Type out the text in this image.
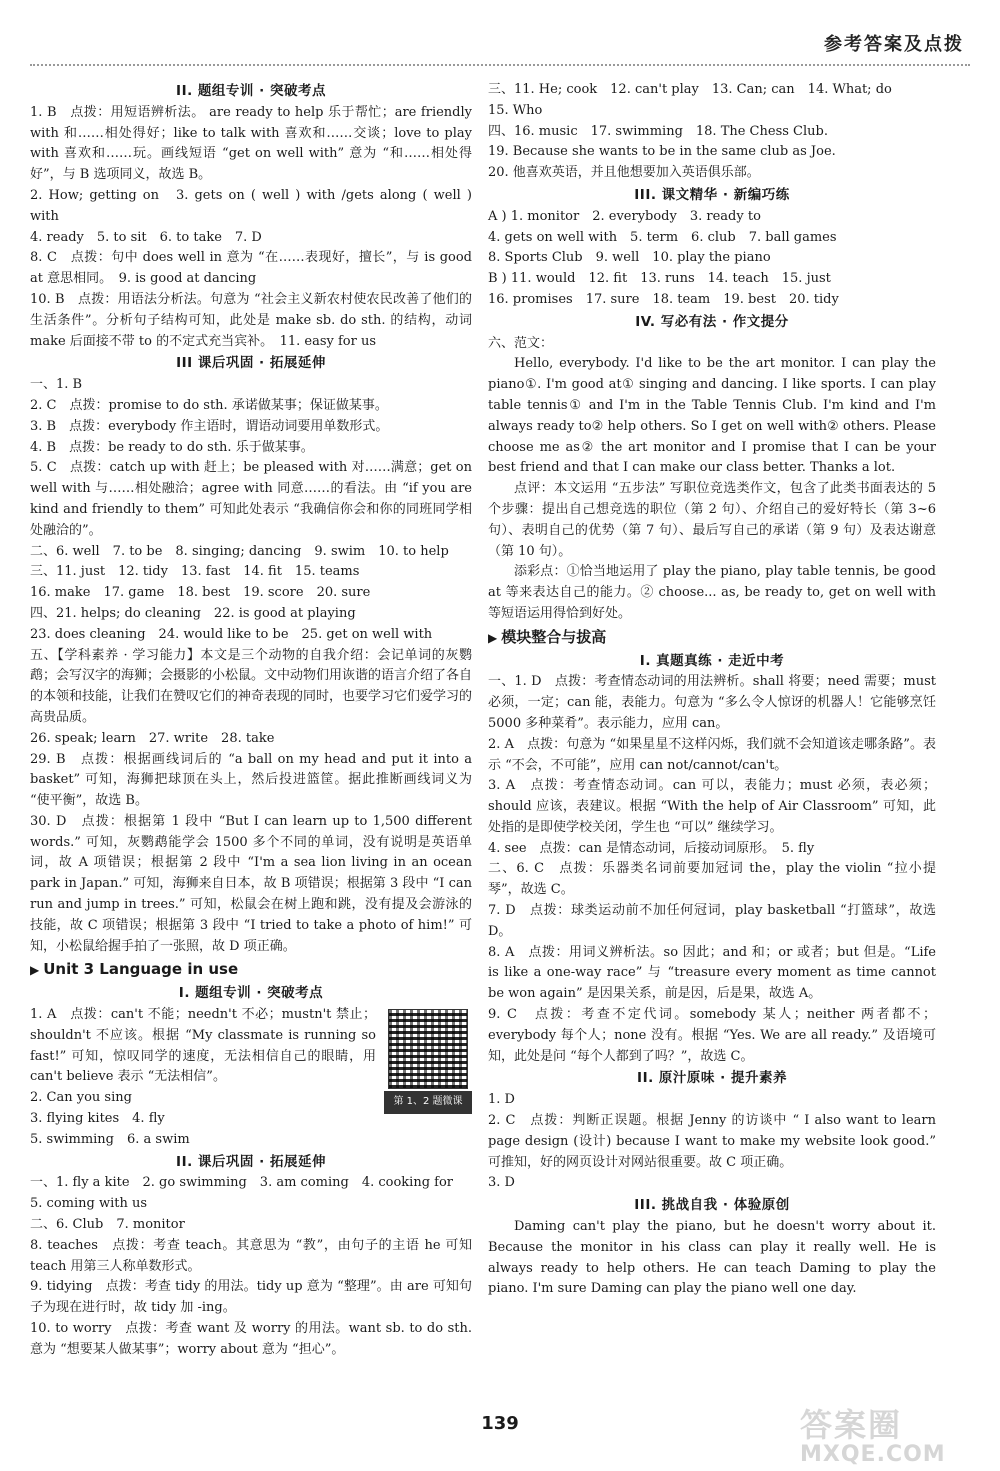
参考答案及点拨
II. 题组专训 · 突破考点
1. B　点拨：用短语辨析法。 are ready to help 乐于帮忙；are friendly with 和……相处得好；like to talk with 喜欢和……交谈；love to play with 喜欢和……玩。画线短语 “get on well with” 意为 “和……相处得好”，与 B 选项同义，故选 B。
2. How; getting on　3. gets on ( well ) with /gets along ( well ) with
4. ready　5. to sit　6. to take　7. D
8. C　点拨：句中 does well in 意为 “在……表现好，擅长”，与 is good at 意思相同。　9. is good at dancing
10. B　点拨：用语法分析法。句意为 “社会主义新农村使农民改善了他们的生活条件”。分析句子结构可知，此处是 make sb. do sth. 的结构，动词 make 后面接不带 to 的不定式充当宾补。　11. easy for us
III 课后巩固 · 拓展延伸
一、1. B
2. C　点拨：promise to do sth. 承诺做某事；保证做某事。
3. B　点拨：everybody 作主语时，谓语动词要用单数形式。
4. B　点拨：be ready to do sth. 乐于做某事。
5. C　点拨：catch up with 赶上；be pleased with 对……满意；get on well with 与……相处融洽；agree with 同意……的看法。由 “if you are kind and friendly to them” 可知此处表示 “我确信你会和你的同班同学相处融洽的”。
二、6. well　7. to be　8. singing; dancing　9. swim　10. to help
三、11. just　12. tidy　13. fast　14. fit　15. teams
16. make　17. game　18. best　19. score　20. sure
四、21. helps; do cleaning　22. is good at playing
23. does cleaning　24. would like to be　25. get on well with
五、【学科素养 · 学习能力】本文是三个动物的自我介绍：会记单词的灰鹦鹉；会写汉字的海狮；会摄影的小松鼠。文中动物们用诙谐的语言介绍了各自的本领和技能，让我们在赞叹它们的神奇表现的同时，也要学习它们爱学习的高贵品质。
26. speak; learn　27. write　28. take
29. B　点拨：根据画线词后的 “a ball on my head and put it into a basket” 可知，海狮把球顶在头上，然后投进篮筐。据此推断画线词义为 “使平衡”，故选 B。
30. D　点拨：根据第 1 段中 “But I can learn up to 1,500 different words.” 可知，灰鹦鹉能学会 1500 多个不同的单词，没有说明是英语单词，故 A 项错误；根据第 2 段中 “I'm a sea lion living in an ocean park in Japan.” 可知，海狮来自日本，故 B 项错误；根据第 3 段中 “I can run and jump in trees.” 可知，松鼠会在树上跑和跳，没有提及会游泳的技能，故 C 项错误；根据第 3 段中 “I tried to take a photo of him!” 可知，小松鼠给握手拍了一张照，故 D 项正确。
▶ Unit 3 Language in use
I. 题组专训 · 突破考点
第 1、2 题微课
1. A　点拨：can't 不能；needn't 不必；mustn't 禁止；shouldn't 不应该。根据 “My classmate is running so fast!” 可知，惊叹同学的速度，无法相信自己的眼睛，用 can't believe 表示 “无法相信”。
2. Can you sing
3. flying kites　4. fly
5. swimming　6. a swim
II. 课后巩固 · 拓展延伸
一、1. fly a kite　2. go swimming　3. am coming　4. cooking for
5. coming with us
二、6. Club　7. monitor
8. teaches　点拨：考查 teach。其意思为 “教”，由句子的主语 he 可知 teach 用第三人称单数形式。
9. tidying　点拨：考查 tidy 的用法。tidy up 意为 “整理”。由 are 可知句子为现在进行时，故 tidy 加 -ing。
10. to worry　点拨：考查 want 及 worry 的用法。want sb. to do sth. 意为 “想要某人做某事”；worry about 意为 “担心”。
三、11. He; cook　12. can't play　13. Can; can　14. What; do
15. Who
四、16. music　17. swimming　18. The Chess Club.
19. Because she wants to be in the same club as Joe.
20. 他喜欢英语，并且他想要加入英语俱乐部。
III. 课文精华 · 新编巧练
A ) 1. monitor　2. everybody　3. ready to
4. gets on well with　5. term　6. club　7. ball games
8. Sports Club　9. well　10. play the piano
B ) 11. would　12. fit　13. runs　14. teach　15. just
16. promises　17. sure　18. team　19. best　20. tidy
IV. 写必有法 · 作文提分
六、范文：
Hello, everybody. I'd like to be the art monitor. I can play the piano①. I'm good at① singing and dancing. I like sports. I can play table tennis① and I'm in the Table Tennis Club. I'm kind and I'm always ready to② help others. So I get on well with② others. Please choose me as② the art monitor and I promise that I can be your best friend and that I can make our class better. Thanks a lot.
点评：本文运用 “五步法” 写职位竞选类作文，包含了此类书面表达的 5 个步骤：提出自己想竞选的职位（第 2 句）、介绍自己的爱好特长（第 3~6 句）、表明自己的优势（第 7 句）、最后写自己的承诺（第 9 句）及表达谢意（第 10 句）。
添彩点：①恰当地运用了 play the piano, play table tennis, be good at 等来表达自己的能力。② choose... as, be ready to, get on well with 等短语运用得恰到好处。
▶ 模块整合与拔高
I. 真题真练 · 走近中考
一、1. D　点拨：考查情态动词的用法辨析。shall 将要；need 需要；must 必须，一定；can 能，表能力。句意为 “多么令人惊讶的机器人！它能够烹饪 5000 多种菜肴”。表示能力，应用 can。
2. A　点拨：句意为 “如果星星不这样闪烁，我们就不会知道该走哪条路”。表示 “不会，不可能”，应用 can not/cannot/can't。
3. A　点拨：考查情态动词。can 可以，表能力；must 必须，表必须；should 应该，表建议。根据 “With the help of Air Classroom” 可知，此处指的是即使学校关闭，学生也 “可以” 继续学习。
4. see　点拨：can 是情态动词，后接动词原形。　5. fly
二、6. C　点拨：乐器类名词前要加冠词 the，play the violin “拉小提琴”，故选 C。
7. D　点拨：球类运动前不加任何冠词，play basketball “打篮球”，故选 D。
8. A　点拨：用词义辨析法。so 因此；and 和；or 或者；but 但是。“Life is like a one-way race” 与 “treasure every moment as time cannot be won again” 是因果关系，前是因，后是果，故选 A。
9. C　点拨：考查不定代词。somebody 某人；neither 两者都不；everybody 每个人；none 没有。根据 “Yes. We are all ready.” 及语境可知，此处是问 “每个人都到了吗？”，故选 C。
II. 原汁原味 · 提升素养
1. D
2. C　点拨：判断正误题。根据 Jenny 的访谈中 “ I also want to learn page design (设计) because I want to make my website look good.” 可推知，好的网页设计对网站很重要。故 C 项正确。
3. D
III. 挑战自我 · 体验原创
Daming can't play the piano, but he doesn't worry about it. Because the monitor in his class can play it really well. He is always ready to help others. He can teach Daming to play the piano. I'm sure Daming can play the piano well one day.
139	答案圈
MXQE.COM
